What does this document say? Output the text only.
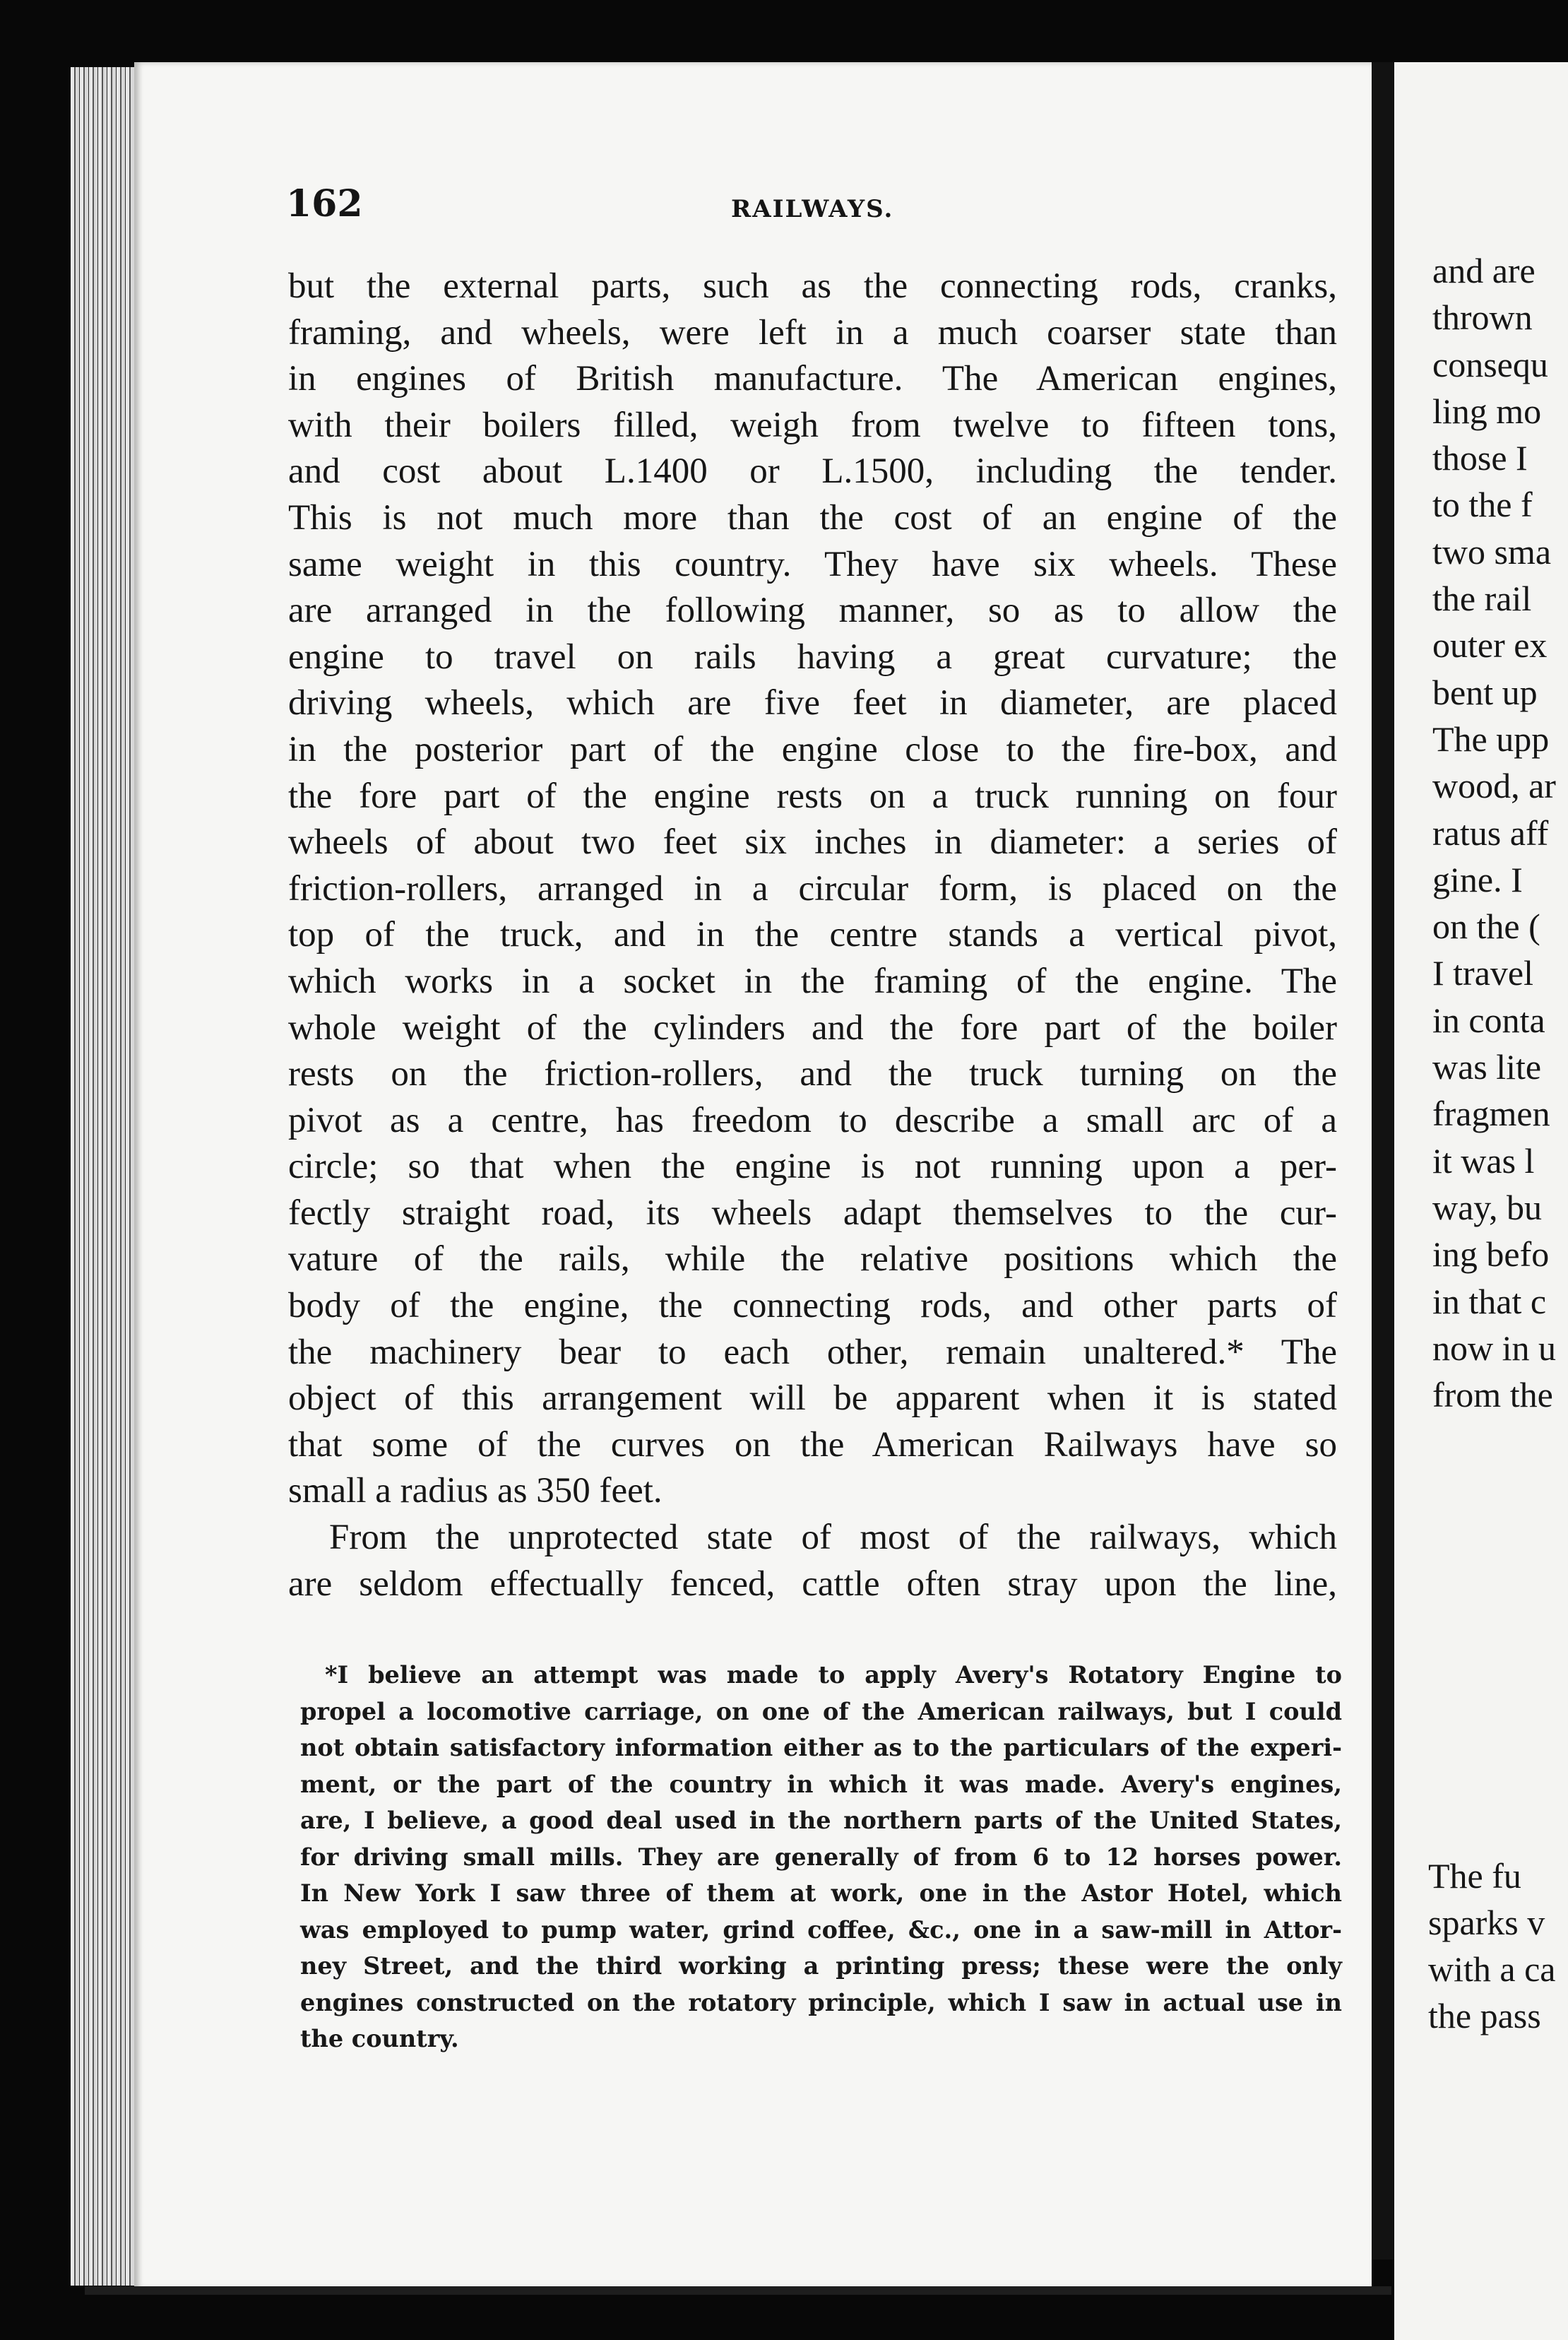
162	RAILWAYS.
but the external parts, such as the connecting rods, cranks,
framing, and wheels, were left in a much coarser state than
in engines of British manufacture. The American engines,
with their boilers filled, weigh from twelve to fifteen tons,
and cost about L.1400 or L.1500, including the tender.
This is not much more than the cost of an engine of the
same weight in this country. They have six wheels. These
are arranged in the following manner, so as to allow the
engine to travel on rails having a great curvature; the
driving wheels, which are five feet in diameter, are placed
in the posterior part of the engine close to the fire-box, and
the fore part of the engine rests on a truck running on four
wheels of about two feet six inches in diameter: a series of
friction-rollers, arranged in a circular form, is placed on the
top of the truck, and in the centre stands a vertical pivot,
which works in a socket in the framing of the engine. The
whole weight of the cylinders and the fore part of the boiler
rests on the friction-rollers, and the truck turning on the
pivot as a centre, has freedom to describe a small arc of a
circle; so that when the engine is not running upon a per-
fectly straight road, its wheels adapt themselves to the cur-
vature of the rails, while the relative positions which the
body of the engine, the connecting rods, and other parts of
the machinery bear to each other, remain unaltered.* The
object of this arrangement will be apparent when it is stated
that some of the curves on the American Railways have so
small a radius as 350 feet.
From the unprotected state of most of the railways, which
are seldom effectually fenced, cattle often stray upon the line,
*I believe an attempt was made to apply Avery's Rotatory Engine to
propel a locomotive carriage, on one of the American railways, but I could
not obtain satisfactory information either as to the particulars of the experi-
ment, or the part of the country in which it was made. Avery's engines,
are, I believe, a good deal used in the northern parts of the United States,
for driving small mills. They are generally of from 6 to 12 horses power.
In New York I saw three of them at work, one in the Astor Hotel, which
was employed to pump water, grind coffee, &c., one in a saw-mill in Attor-
ney Street, and the third working a printing press; these were the only
engines constructed on the rotatory principle, which I saw in actual use in
the country.
and are
thrown
consequ
ling mo
those I
to the f
two sma
the rail
outer ex
bent up
The upp
wood, ar
ratus aff
gine. I
on the (
I travel
in conta
was lite
fragmen
it was l
way, bu
ing befo
in that c
now in u
from the
The fu
sparks v
with a ca
the pass
